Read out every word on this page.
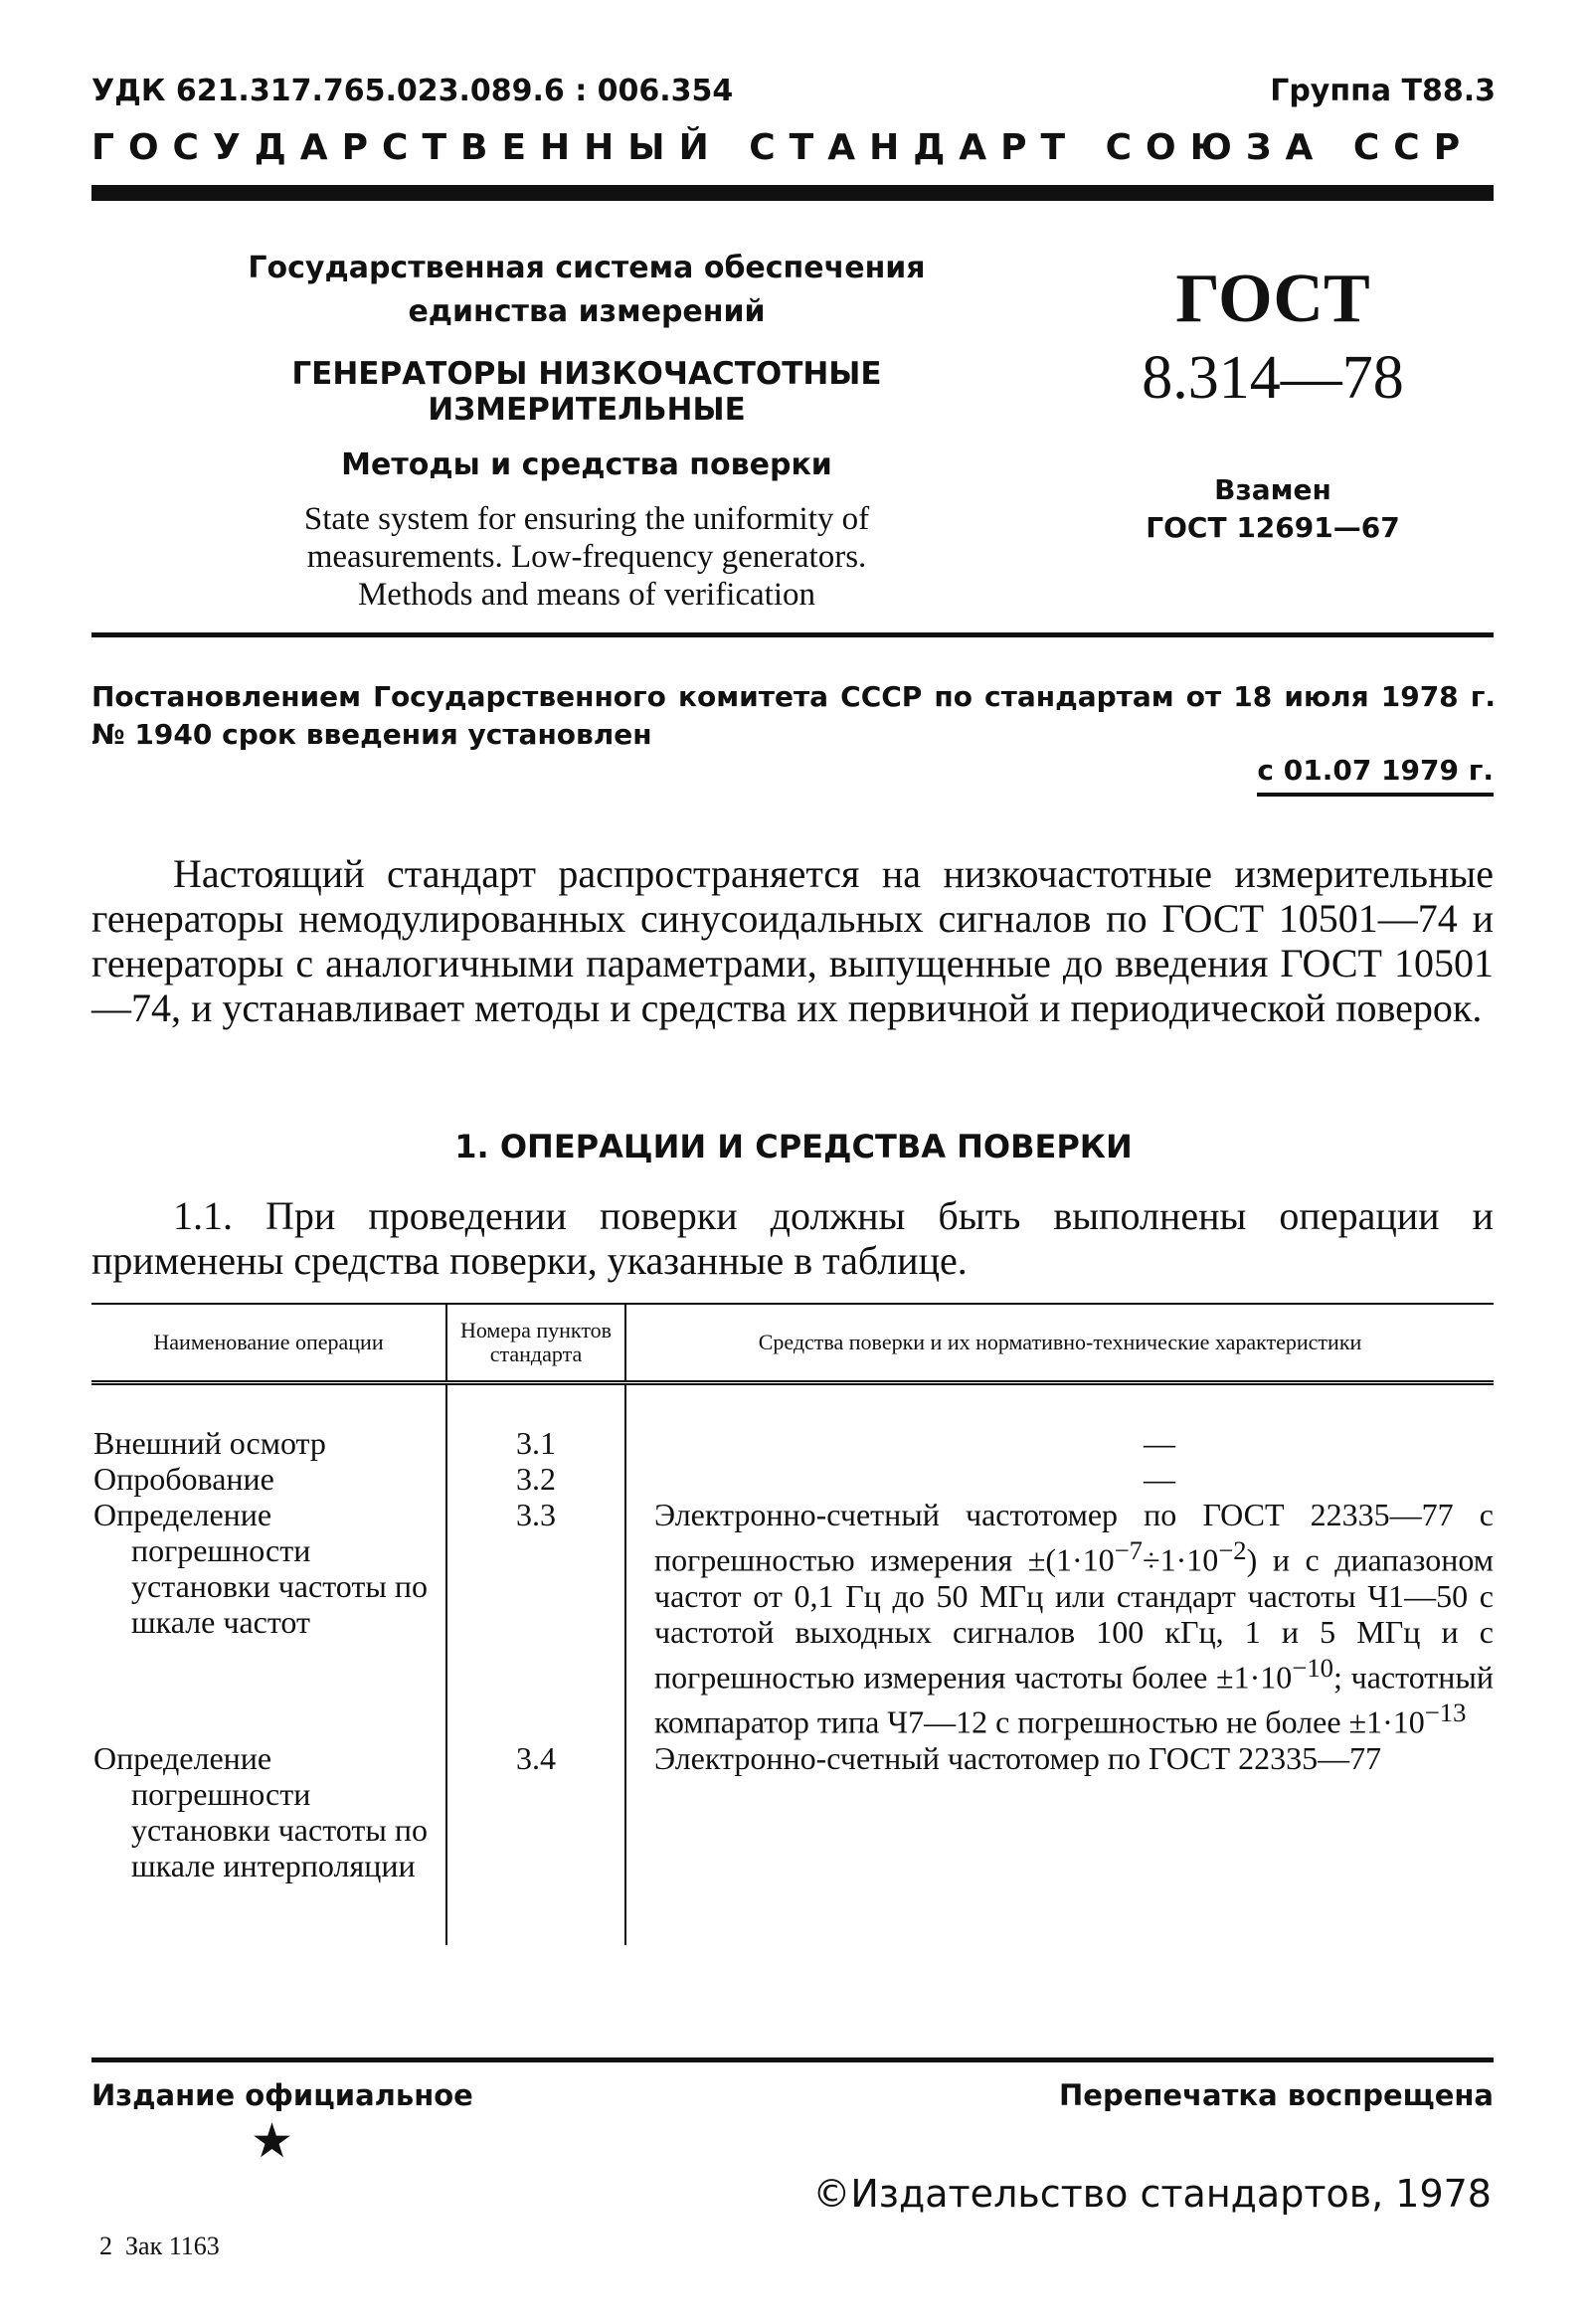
УДК 621.317.765.023.089.6 : 006.354	Группа Т88.3
ГОСУДАРСТВЕННЫЙ СТАНДАРТ СОЮЗА ССР
Государственная система обеспечения
единства измерений
ГЕНЕРАТОРЫ НИЗКОЧАСТОТНЫЕ ИЗМЕРИТЕЛЬНЫЕ
Методы и средства поверки
State system for ensuring the uniformity of
measurements. Low-frequency generators.
Methods and means of verification
ГОСТ
8.314—78
Взамен
ГОСТ 12691—67
Постановлением Государственного комитета СССР по стандартам от 18 июля 1978 г. № 1940 срок введения установлен
с 01.07 1979 г.
Настоящий стандарт распространяется на низкочастотные измерительные генераторы немодулированных синусоидальных сигналов по ГОСТ 10501—74 и генераторы с аналогичными параметрами, выпущенные до введения ГОСТ 10501—74, и устанавливает методы и средства их первичной и периодической поверок.
1. ОПЕРАЦИИ И СРЕДСТВА ПОВЕРКИ
1.1. При проведении поверки должны быть выполнены операции и применены средства поверки, указанные в таблице.
Наименование операции	Номера пунктов стандарта	Средства поверки и их нормативно-технические характеристики

Внешний осмотр	3.1	—

Опробование	3.2	—

Определение погрешности установки частоты по шкале частот	3.3	Электронно-счетный частотомер по ГОСТ 22335—77 с погрешностью измерения $\pm(1\cdot 10^{-7}\div 1\cdot 10^{-2})$ и с диапазоном частот от 0,1 Гц до 50 МГц или стандарт частоты Ч1—50 с частотой выходных сигналов 100 кГц, 1 и 5 МГц и с погрешностью измерения частоты более $\pm 1\cdot 10^{-10}$; частотный компаратор типа Ч7—12 с погрешностью не более $\pm 1\cdot 10^{-13}$

Определение погрешности установки частоты по шкале интерполяции	3.4	Электронно-счетный частотомер по ГОСТ 22335—77
Издание официальное
★
Перепечатка воспрещена
©Издательство стандартов, 1978
2  Зак 1163
